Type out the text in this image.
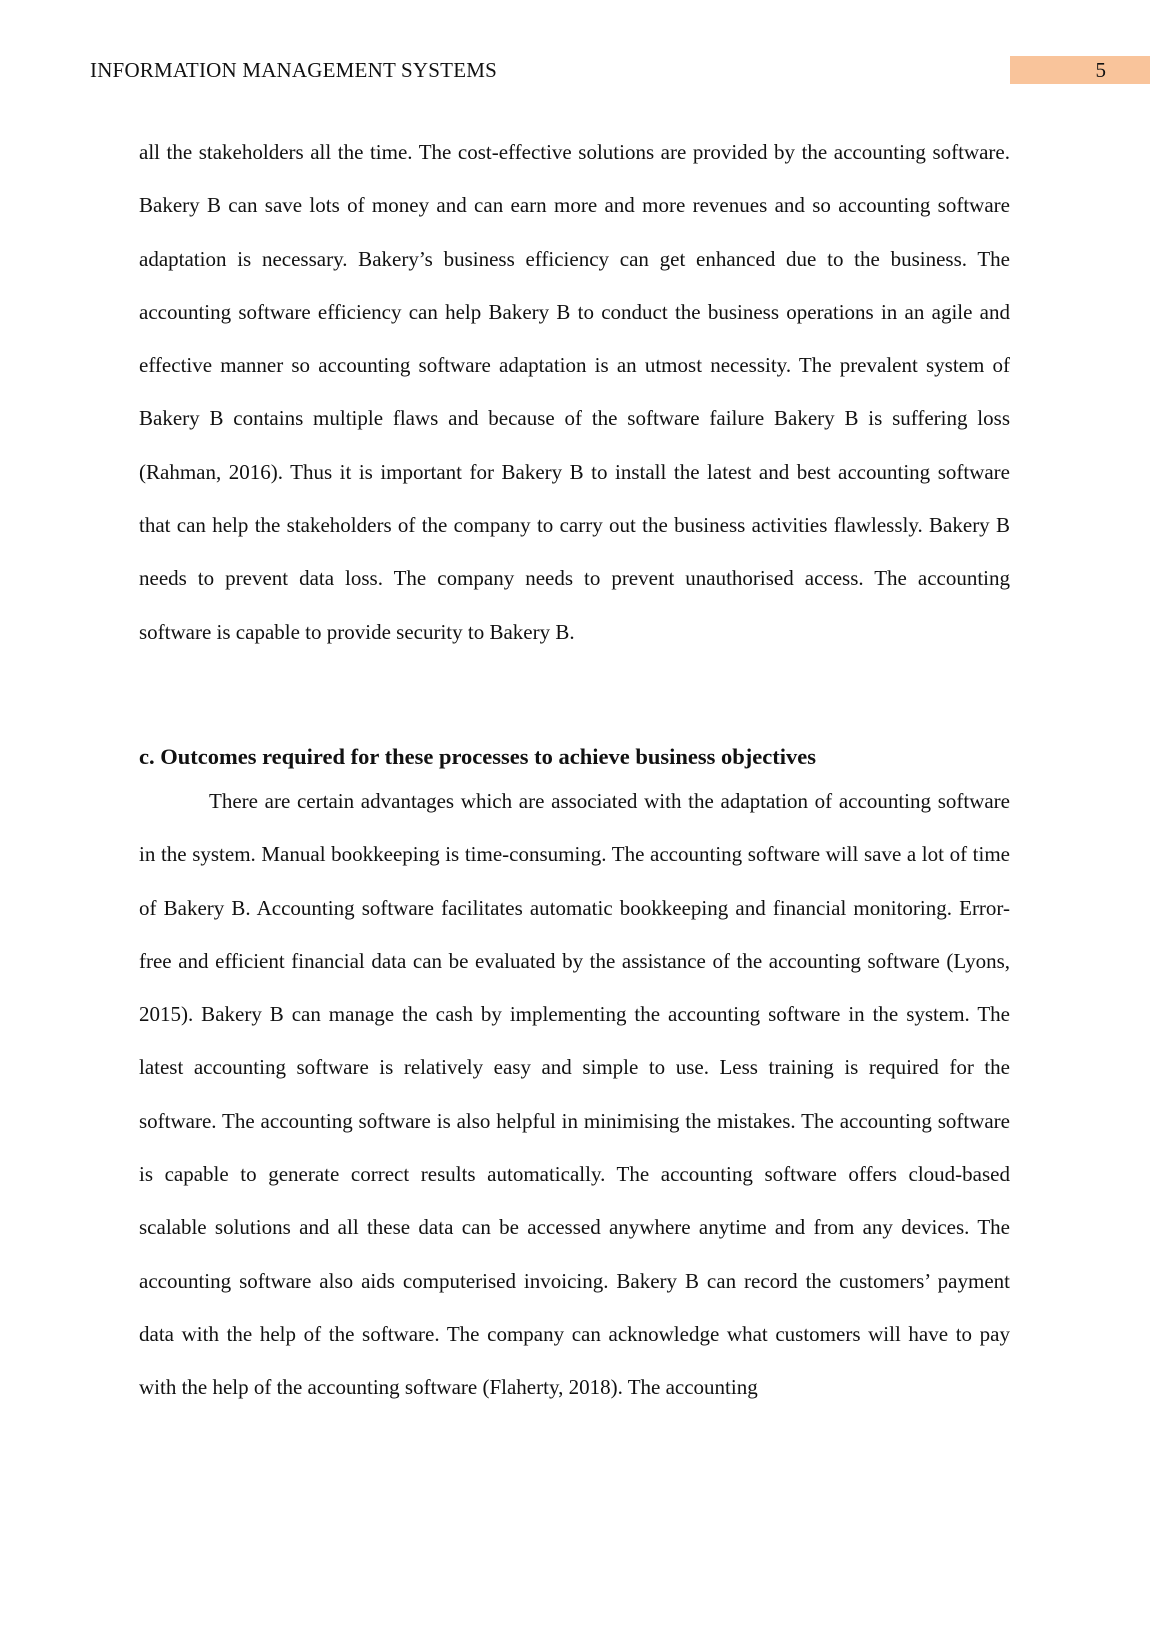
INFORMATION MANAGEMENT SYSTEMS	5

all the stakeholders all the time. The cost-effective solutions are provided by the accounting software. Bakery B can save lots of money and can earn more and more revenues and so accounting software adaptation is necessary. Bakery’s business efficiency can get enhanced due to the business. The accounting software efficiency can help Bakery B to conduct the business operations in an agile and effective manner so accounting software adaptation is an utmost necessity. The prevalent system of Bakery B contains multiple flaws and because of the software failure Bakery B is suffering loss (Rahman, 2016). Thus it is important for Bakery B to install the latest and best accounting software that can help the stakeholders of the company to carry out the business activities flawlessly. Bakery B needs to prevent data loss. The company needs to prevent unauthorised access. The accounting software is capable to provide security to Bakery B.

c. Outcomes required for these processes to achieve business objectives

There are certain advantages which are associated with the adaptation of accounting software in the system. Manual bookkeeping is time-consuming. The accounting software will save a lot of time of Bakery B. Accounting software facilitates automatic bookkeeping and financial monitoring. Error-free and efficient financial data can be evaluated by the assistance of the accounting software (Lyons, 2015). Bakery B can manage the cash by implementing the accounting software in the system. The latest accounting software is relatively easy and simple to use. Less training is required for the software. The accounting software is also helpful in minimising the mistakes. The accounting software is capable to generate correct results automatically. The accounting software offers cloud-based scalable solutions and all these data can be accessed anywhere anytime and from any devices. The accounting software also aids computerised invoicing. Bakery B can record the customers’ payment data with the help of the software. The company can acknowledge what customers will have to pay with the help of the accounting software (Flaherty, 2018). The accounting
